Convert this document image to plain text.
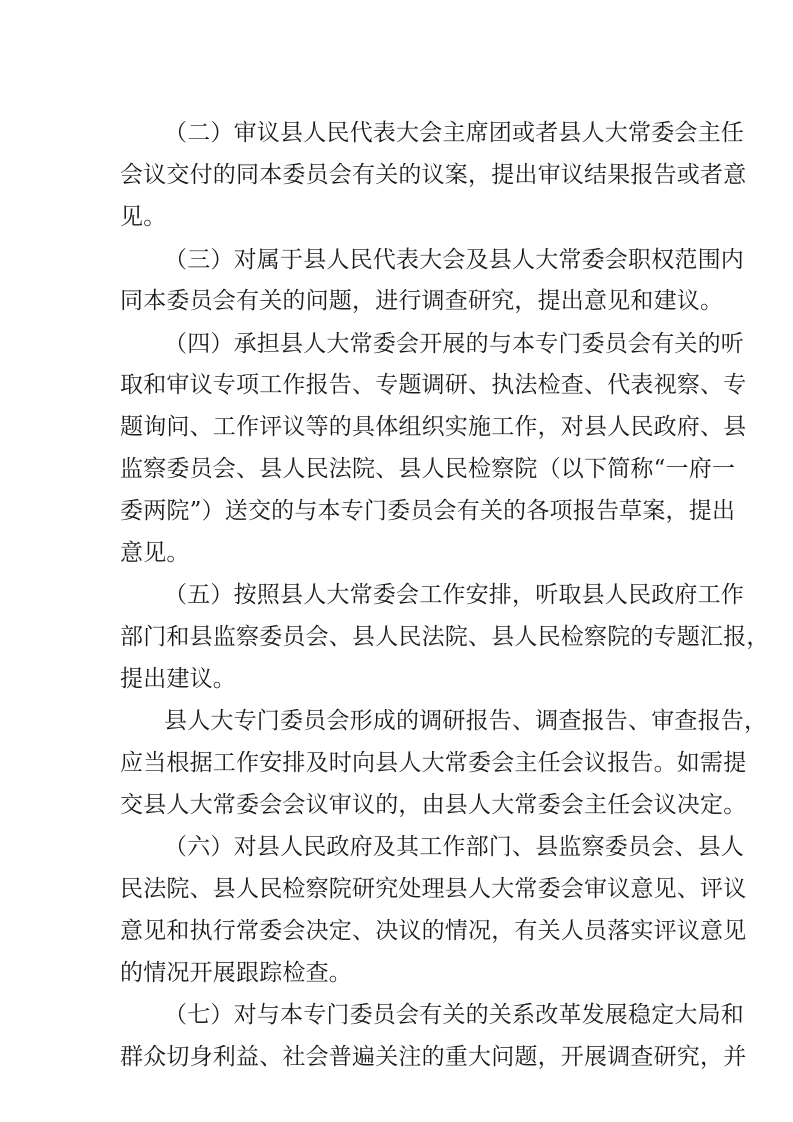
（二）审议县人民代表大会主席团或者县人大常委会主任
会议交付的同本委员会有关的议案，提出审议结果报告或者意
见。
（三）对属于县人民代表大会及县人大常委会职权范围内
同本委员会有关的问题，进行调查研究，提出意见和建议。
（四）承担县人大常委会开展的与本专门委员会有关的听
取和审议专项工作报告、专题调研、执法检查、代表视察、专
题询问、工作评议等的具体组织实施工作，对县人民政府、县
监察委员会、县人民法院、县人民检察院（以下简称“一府一
委两院”）送交的与本专门委员会有关的各项报告草案，提出
意见。
（五）按照县人大常委会工作安排，听取县人民政府工作
部门和县监察委员会、县人民法院、县人民检察院的专题汇报，
提出建议。
县人大专门委员会形成的调研报告、调查报告、审查报告，
应当根据工作安排及时向县人大常委会主任会议报告。如需提
交县人大常委会会议审议的，由县人大常委会主任会议决定。
（六）对县人民政府及其工作部门、县监察委员会、县人
民法院、县人民检察院研究处理县人大常委会审议意见、评议
意见和执行常委会决定、决议的情况，有关人员落实评议意见
的情况开展跟踪检查。
（七）对与本专门委员会有关的关系改革发展稳定大局和
群众切身利益、社会普遍关注的重大问题，开展调查研究，并
